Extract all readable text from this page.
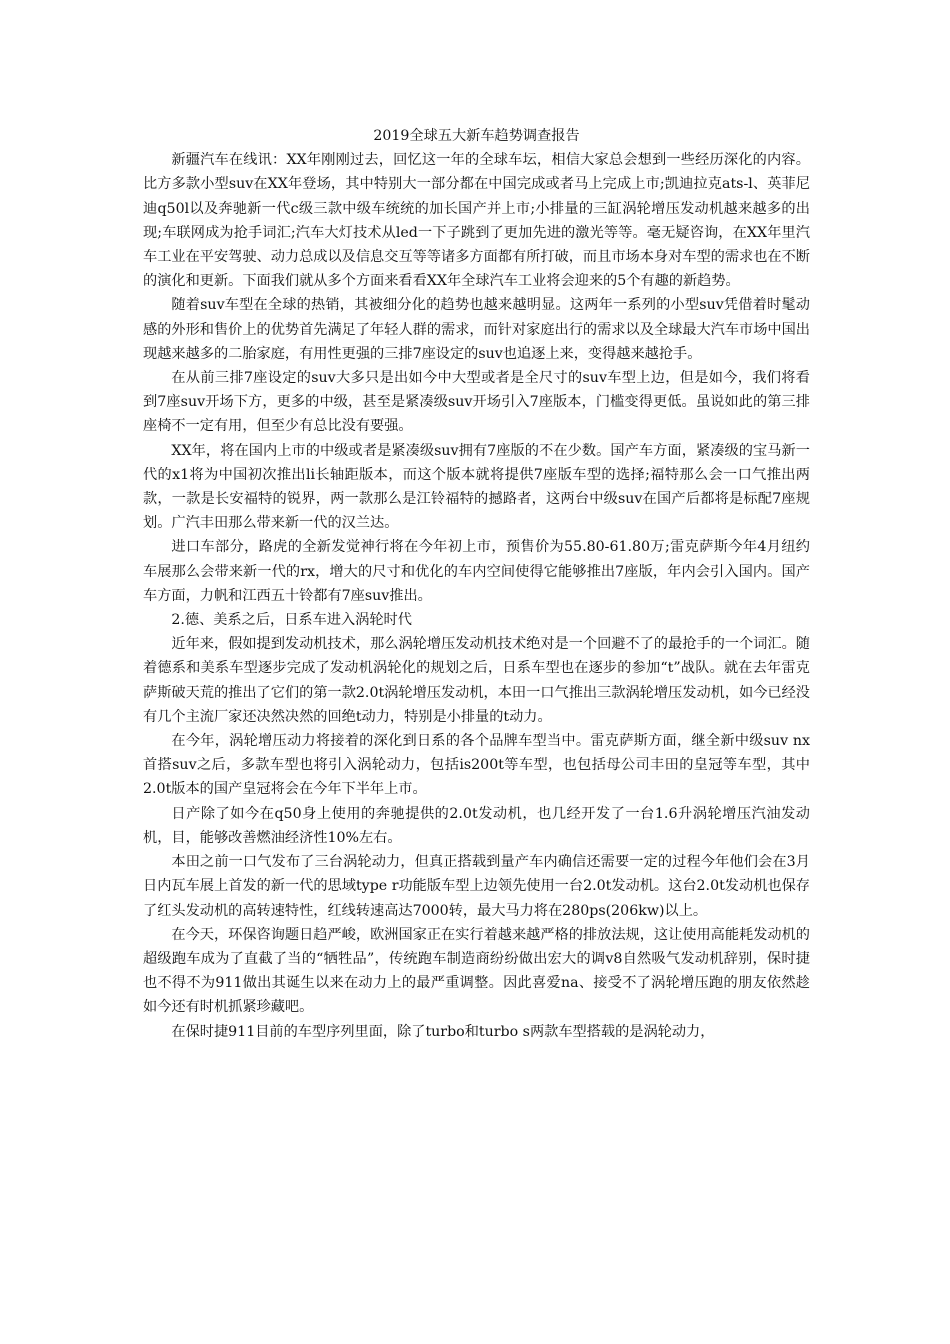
2019全球五大新车趋势调查报告

新疆汽车在线讯：XX年刚刚过去，回忆这一年的全球车坛，相信大家总会想到一些经历深化的内容。比方多款小型suv在XX年登场，其中特别大一部分都在中国完成或者马上完成上市;凯迪拉克ats-l、英菲尼迪q50l以及奔驰新一代c级三款中级车统统的加长国产并上市;小排量的三缸涡轮增压发动机越来越多的出现;车联网成为抢手词汇;汽车大灯技术从led一下子跳到了更加先进的激光等等。毫无疑咨询，在XX年里汽车工业在平安驾驶、动力总成以及信息交互等等诸多方面都有所打破，而且市场本身对车型的需求也在不断的演化和更新。下面我们就从多个方面来看看XX年全球汽车工业将会迎来的5个有趣的新趋势。

随着suv车型在全球的热销，其被细分化的趋势也越来越明显。这两年一系列的小型suv凭借着时髦动感的外形和售价上的优势首先满足了年轻人群的需求，而针对家庭出行的需求以及全球最大汽车市场中国出现越来越多的二胎家庭，有用性更强的三排7座设定的suv也追逐上来，变得越来越抢手。

在从前三排7座设定的suv大多只是出如今中大型或者是全尺寸的suv车型上边，但是如今，我们将看到7座suv开场下方，更多的中级，甚至是紧凑级suv开场引入7座版本，门槛变得更低。虽说如此的第三排座椅不一定有用，但至少有总比没有要强。

XX年，将在国内上市的中级或者是紧凑级suv拥有7座版的不在少数。国产车方面，紧凑级的宝马新一代的x1将为中国初次推出li长轴距版本，而这个版本就将提供7座版车型的选择;福特那么会一口气推出两款，一款是长安福特的锐界，两一款那么是江铃福特的撼路者，这两台中级suv在国产后都将是标配7座规划。广汽丰田那么带来新一代的汉兰达。

进口车部分，路虎的全新发觉神行将在今年初上市，预售价为55.80-61.80万;雷克萨斯今年4月纽约车展那么会带来新一代的rx，增大的尺寸和优化的车内空间使得它能够推出7座版，年内会引入国内。国产车方面，力帆和江西五十铃都有7座suv推出。

2.德、美系之后，日系车进入涡轮时代

近年来，假如提到发动机技术，那么涡轮增压发动机技术绝对是一个回避不了的最抢手的一个词汇。随着德系和美系车型逐步完成了发动机涡轮化的规划之后，日系车型也在逐步的参加“t”战队。就在去年雷克萨斯破天荒的推出了它们的第一款2.0t涡轮增压发动机，本田一口气推出三款涡轮增压发动机，如今已经没有几个主流厂家还决然决然的回绝t动力，特别是小排量的t动力。

在今年，涡轮增压动力将接着的深化到日系的各个品牌车型当中。雷克萨斯方面，继全新中级suv nx首搭suv之后，多款车型也将引入涡轮动力，包括is200t等车型，也包括母公司丰田的皇冠等车型，其中2.0t版本的国产皇冠将会在今年下半年上市。

日产除了如今在q50身上使用的奔驰提供的2.0t发动机，也几经开发了一台1.6升涡轮增压汽油发动机，目，能够改善燃油经济性10%左右。

本田之前一口气发布了三台涡轮动力，但真正搭载到量产车内确信还需要一定的过程今年他们会在3月日内瓦车展上首发的新一代的思域type r功能版车型上边领先使用一台2.0t发动机。这台2.0t发动机也保存了红头发动机的高转速特性，红线转速高达7000转，最大马力将在280ps(206kw)以上。

在今天，环保咨询题日趋严峻，欧洲国家正在实行着越来越严格的排放法规，这让使用高能耗发动机的超级跑车成为了直截了当的“牺牲品”，传统跑车制造商纷纷做出宏大的调v8自然吸气发动机辞别，保时捷也不得不为911做出其诞生以来在动力上的最严重调整。因此喜爱na、接受不了涡轮增压跑的朋友依然趁如今还有时机抓紧珍藏吧。

在保时捷911目前的车型序列里面，除了turbo和turbo s两款车型搭载的是涡轮动力，
